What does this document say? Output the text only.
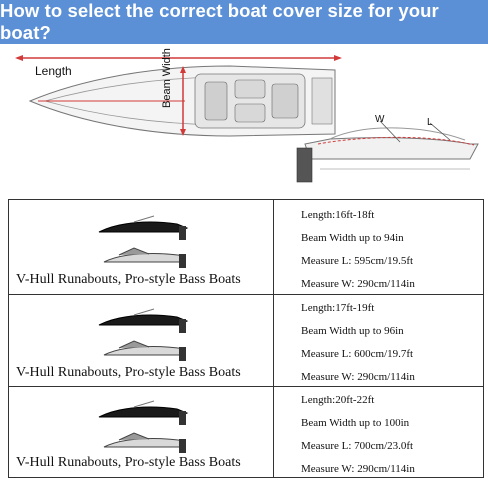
How to select the correct boat cover size for your boat?
Length	Beam Width
W	L
V-Hull Runabouts, Pro-style Bass Boats
Length:16ft-18ft
Beam Width up to 94in
Measure L: 595cm/19.5ft
Measure W: 290cm/114in
V-Hull Runabouts, Pro-style Bass Boats
Length:17ft-19ft
Beam Width up to 96in
Measure L: 600cm/19.7ft
Measure W: 290cm/114in
V-Hull Runabouts, Pro-style Bass Boats
Length:20ft-22ft
Beam Width up to 100in
Measure L: 700cm/23.0ft
Measure W: 290cm/114in
